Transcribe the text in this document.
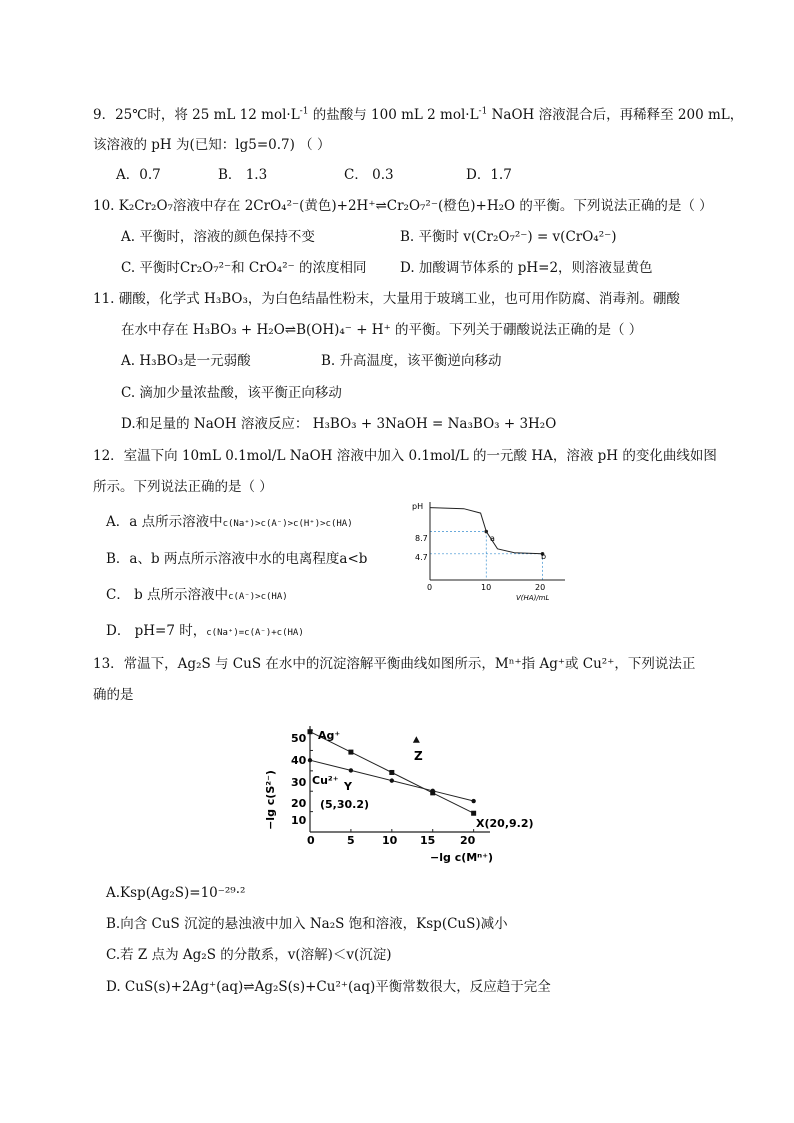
9．25℃时，将 25 mL 12 $mol\cdot L^{-1}$ 的盐酸与 100 mL 2 $mol\cdot L^{-1}$ NaOH 溶液混合后，再稀释至 200 mL，
该溶液的 pH 为(已知：lg5=0.7) （ ）
A．0.7	B． 1.3	C． 0.3	D．1.7
10. K₂Cr₂O₇溶液中存在 2CrO₄²⁻(黄色)+2H⁺⇌Cr₂O₇²⁻(橙色)+H₂O 的平衡。下列说法正确的是（ ）
A. 平衡时，溶液的颜色保持不变	B. 平衡时 v(Cr₂O₇²⁻) = v(CrO₄²⁻)
C. 平衡时Cr₂O₇²⁻和 CrO₄²⁻ 的浓度相同 D. 加酸调节体系的 pH=2，则溶液显黄色
11. 硼酸，化学式 H₃BO₃，为白色结晶性粉末，大量用于玻璃工业，也可用作防腐、消毒剂。硼酸
在水中存在 H₃BO₃ + H₂O⇌B(OH)₄⁻ + H⁺ 的平衡。下列关于硼酸说法正确的是（ ）
A. H₃BO₃是一元弱酸	B. 升高温度，该平衡逆向移动
C. 滴加少量浓盐酸，该平衡正向移动
D.和足量的 NaOH 溶液反应： H₃BO₃ + 3NaOH = Na₃BO₃ + 3H₂O
12．室温下向 10mL 0.1mol/L NaOH 溶液中加入 0.1mol/L 的一元酸 HA，溶液 pH 的变化曲线如图
所示。下列说法正确的是（ ）
A．a 点所示溶液中c(Na⁺)>c(A⁻)>c(H⁺)>c(HA)
B．a、b 两点所示溶液中水的电离程度a<b
C． b 点所示溶液中c(A⁻)>c(HA)
D． pH=7 时，c(Na⁺)=c(A⁻)+c(HA)
pH
8.7
4.7
0	10	20
V(HA)/mL
a
b
13．常温下，Ag₂S 与 CuS 在水中的沉淀溶解平衡曲线如图所示，Mⁿ⁺指 Ag⁺或 Cu²⁺，下列说法正
确的是
−lg c(S²⁻)
−lg c(Mⁿ⁺)
50
40
30
20
10
0	5 10 15 20
Ag⁺
Cu²⁺ Y
(5,30.2)
Z
X(20,9.2)
A.Ksp(Ag₂S)=10⁻²⁹·²
B.向含 CuS 沉淀的悬浊液中加入 Na₂S 饱和溶液，Ksp(CuS)减小
C.若 Z 点为 Ag₂S 的分散系，v(溶解)＜v(沉淀)
D. CuS(s)+2Ag⁺(aq)⇌Ag₂S(s)+Cu²⁺(aq)平衡常数很大，反应趋于完全
